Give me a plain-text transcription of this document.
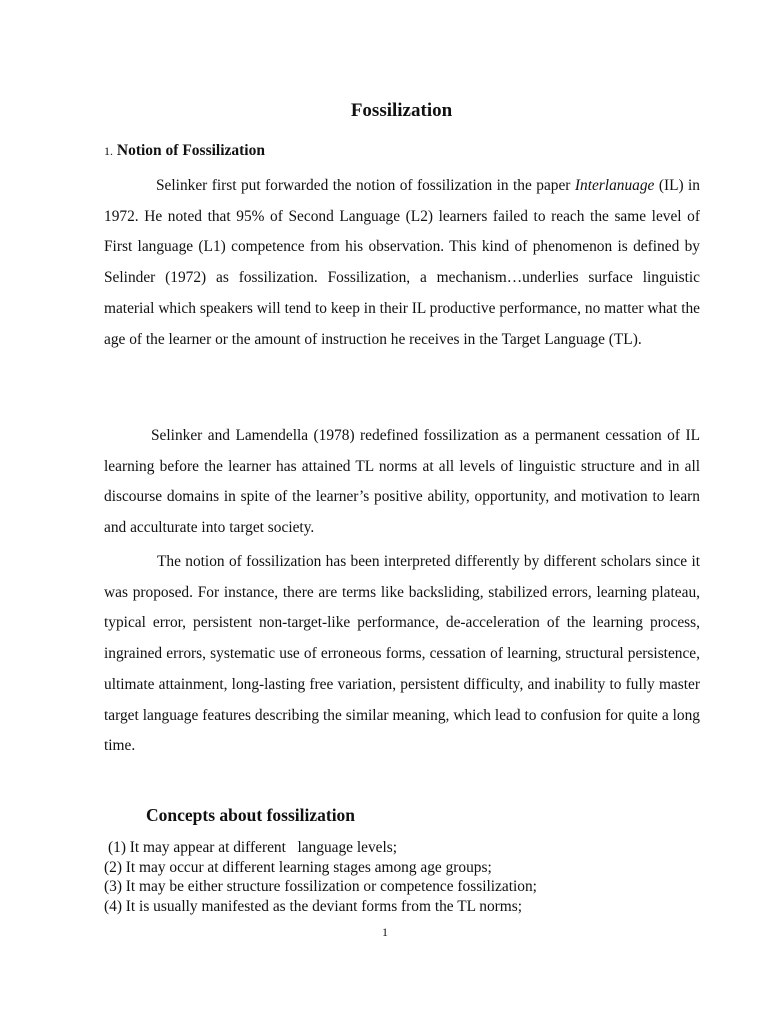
Fossilization
1. Notion of Fossilization

Selinker first put forwarded the notion of fossilization in the paper Interlanuage (IL) in 1972. He noted that 95% of Second Language (L2) learners failed to reach the same level of First language (L1) competence from his observation. This kind of phenomenon is defined by Selinder (1972) as fossilization. Fossilization, a mechanism…underlies surface linguistic material which speakers will tend to keep in their IL productive performance, no matter what the age of the learner or the amount of instruction he receives in the Target Language (TL).

Selinker and Lamendella (1978) redefined fossilization as a permanent cessation of IL learning before the learner has attained TL norms at all levels of linguistic structure and in all discourse domains in spite of the learner’s positive ability, opportunity, and motivation to learn and acculturate into target society.

The notion of fossilization has been interpreted differently by different scholars since it was proposed. For instance, there are terms like backsliding, stabilized errors, learning plateau, typical error, persistent non-target-like performance, de-acceleration of the learning process, ingrained errors, systematic use of erroneous forms, cessation of learning, structural persistence, ultimate attainment, long-lasting free variation, persistent difficulty, and inability to fully master target language features describing the similar meaning, which lead to confusion for quite a long time.

Concepts about fossilization
(1) It may appear at different   language levels;
(2) It may occur at different learning stages among age groups;
(3) It may be either structure fossilization or competence fossilization;
(4) It is usually manifested as the deviant forms from the TL norms;
1
